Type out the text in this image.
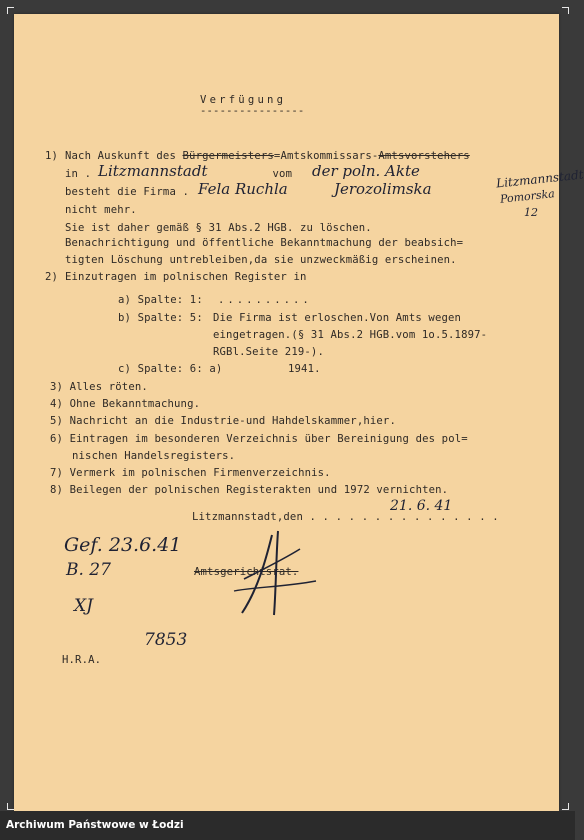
Verfügung
----------------
1) Nach Auskunft des Bürgermeisters=Amtskommissars-Amtsvorstehers
in . Litzmannstadt	vom der poln. Akte
besteht die Firma . Fela Ruchla	Jerozolimska	Litzmannstadt
Pomorska
12
nicht mehr.
Sie ist daher gemäß § 31 Abs.2 HGB. zu löschen.
Benachrichtigung und öffentliche Bekanntmachung der beabsich=
tigten Löschung untrebleiben,da sie unzweckmäßig erscheinen.
2) Einzutragen im polnischen Register in
a) Spalte: 1: ..........
b) Spalte: 5: Die Firma ist erloschen.Von Amts wegen
eingetragen.(§ 31 Abs.2 HGB.vom 1o.5.1897-
RGBl.Seite 219-).
c) Spalte: 6: a)	1941.
3) Alles röten.
4) Ohne Bekanntmachung.
5) Nachricht an die Industrie-und Hahdelskammer,hier.
6) Eintragen im besonderen Verzeichnis über Bereinigung des pol=
nischen Handelsregisters.
7) Vermerk im polnischen Firmenverzeichnis.
8) Beilegen der polnischen Registerakten und 1972 vernichten.
Litzmannstadt,den . . . . . . . . . . . . . . .
21. 6. 41
Amtsgerichtsrat.
Gef. 23.6.41
B. 27
XJ
7853
H.R.A.
Archiwum Państwowe w Łodzi
